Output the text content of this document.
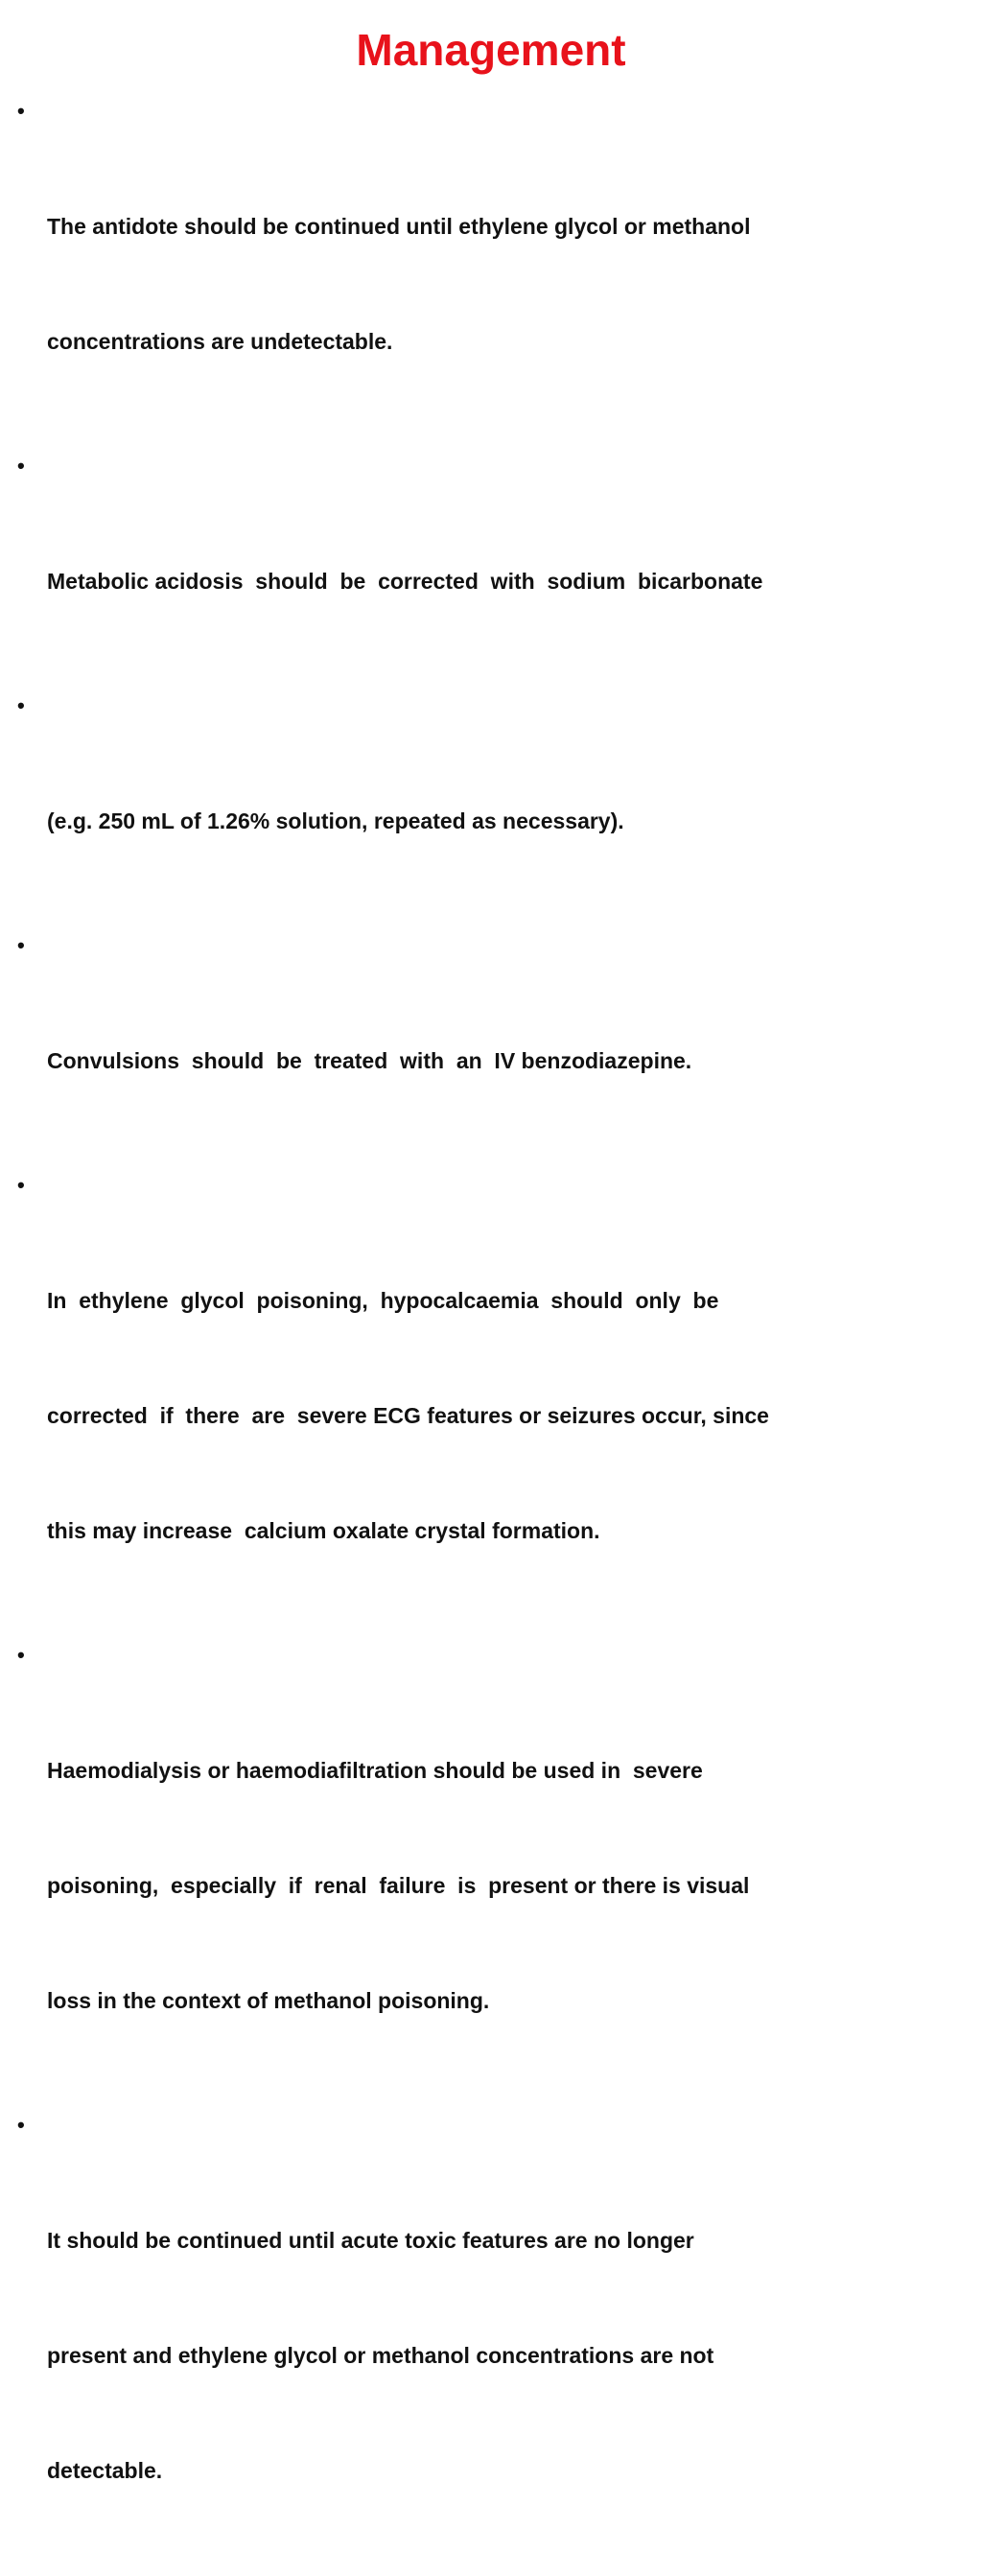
Management

•

The antidote should be continued until ethylene glycol or methanol

concentrations are undetectable.

•

Metabolic acidosis  should  be  corrected  with  sodium  bicarbonate

•

(e.g. 250 mL of 1.26% solution, repeated as necessary).

•

Convulsions  should  be  treated  with  an  IV benzodiazepine.

•

In  ethylene  glycol  poisoning,  hypocalcaemia  should  only  be

corrected  if  there  are  severe ECG features or seizures occur, since

this may increase  calcium oxalate crystal formation.

•

Haemodialysis or haemodiafiltration should be used in  severe

poisoning,  especially  if  renal  failure  is  present or there is visual

loss in the context of methanol poisoning.

•

It should be continued until acute toxic features are no longer

present and ethylene glycol or methanol concentrations are not

detectable.
